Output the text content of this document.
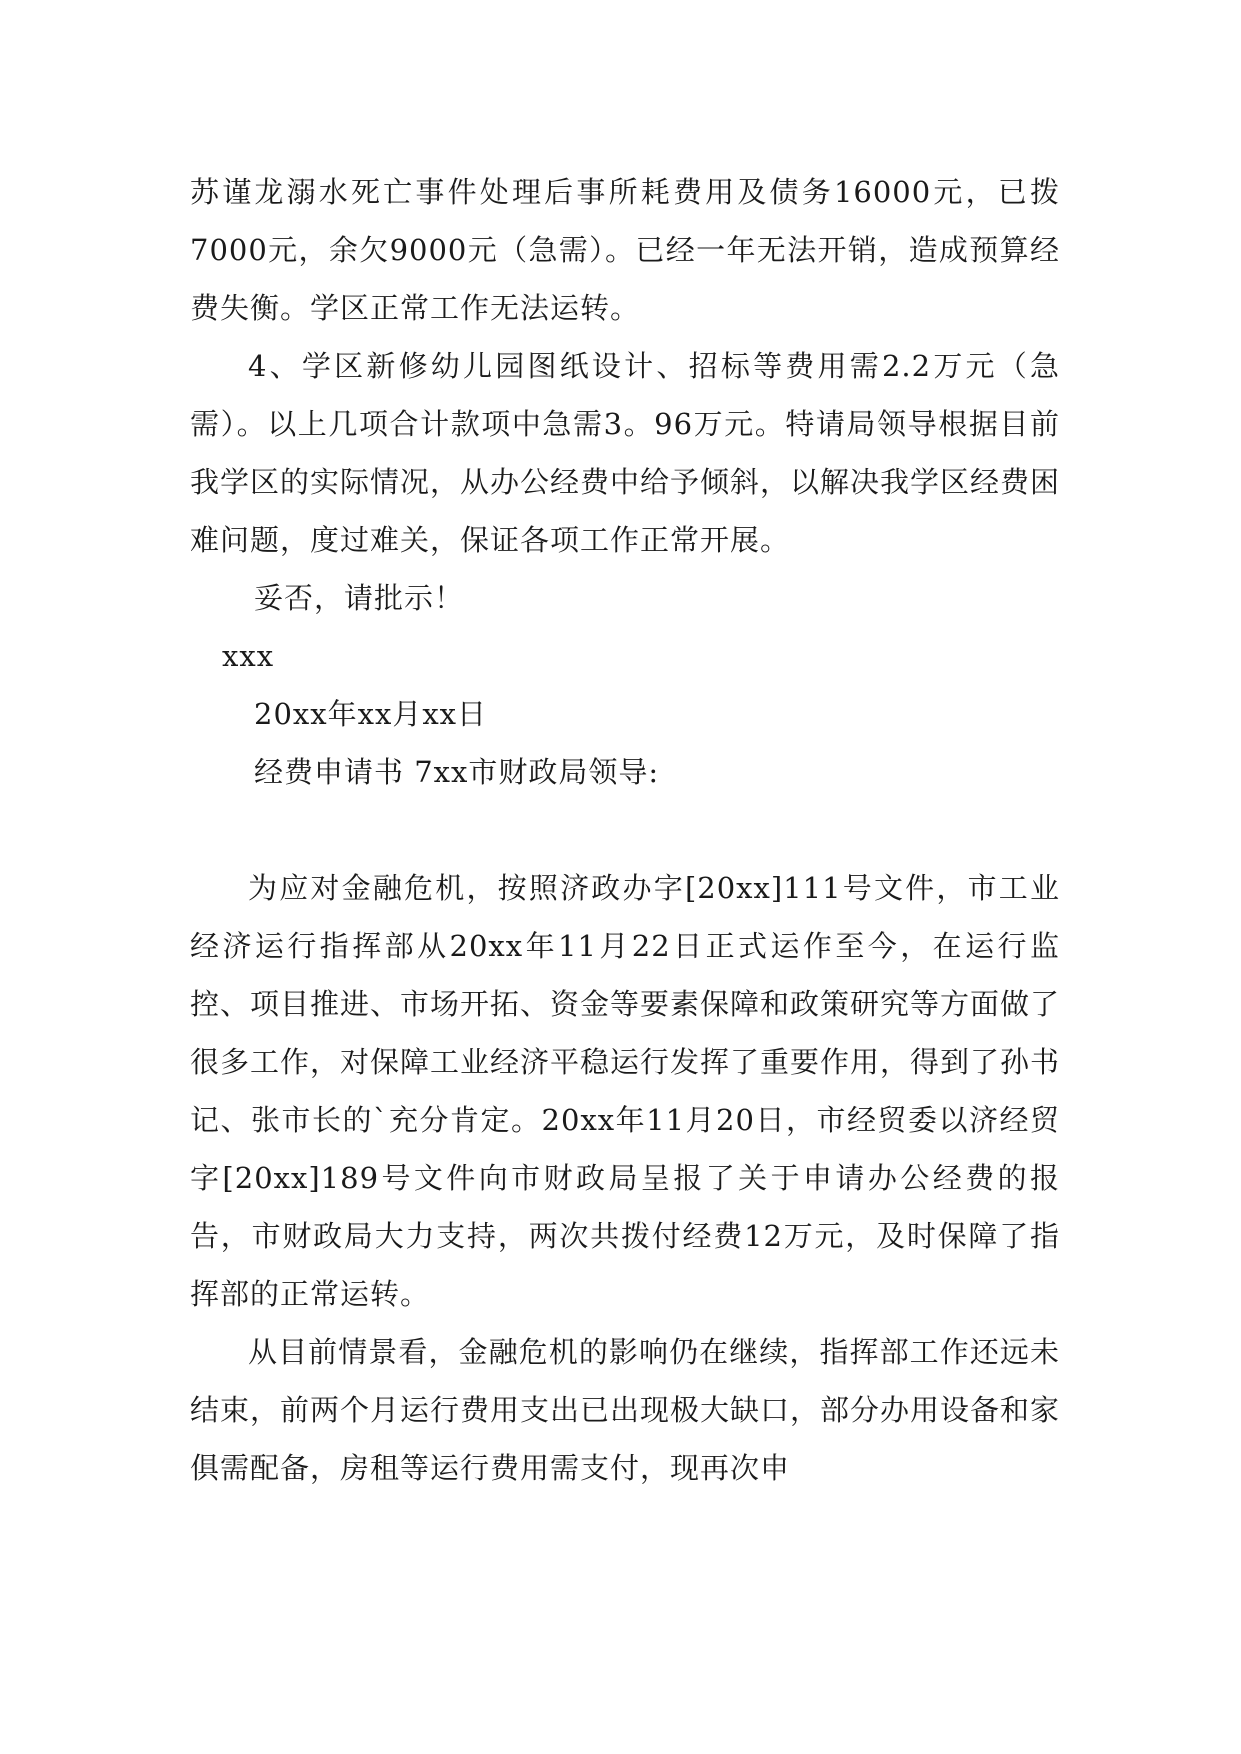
苏谨龙溺水死亡事件处理后事所耗费用及债务16000元，已拨7000元，余欠9000元（急需）。已经一年无法开销，造成预算经费失衡。学区正常工作无法运转。

4、学区新修幼儿园图纸设计、招标等费用需2.2万元（急需）。以上几项合计款项中急需3。96万元。特请局领导根据目前我学区的实际情况，从办公经费中给予倾斜，以解决我学区经费困难问题，度过难关，保证各项工作正常开展。

妥否，请批示！

xxx

20xx年xx月xx日

经费申请书 7xx市财政局领导:

为应对金融危机，按照济政办字[20xx]111号文件，市工业经济运行指挥部从20xx年11月22日正式运作至今，在运行监控、项目推进、市场开拓、资金等要素保障和政策研究等方面做了很多工作，对保障工业经济平稳运行发挥了重要作用，得到了孙书记、张市长的`充分肯定。20xx年11月20日，市经贸委以济经贸字[20xx]189号文件向市财政局呈报了关于申请办公经费的报告，市财政局大力支持，两次共拨付经费12万元，及时保障了指挥部的正常运转。

从目前情景看，金融危机的影响仍在继续，指挥部工作还远未结束，前两个月运行费用支出已出现极大缺口，部分办用设备和家俱需配备，房租等运行费用需支付，现再次申
